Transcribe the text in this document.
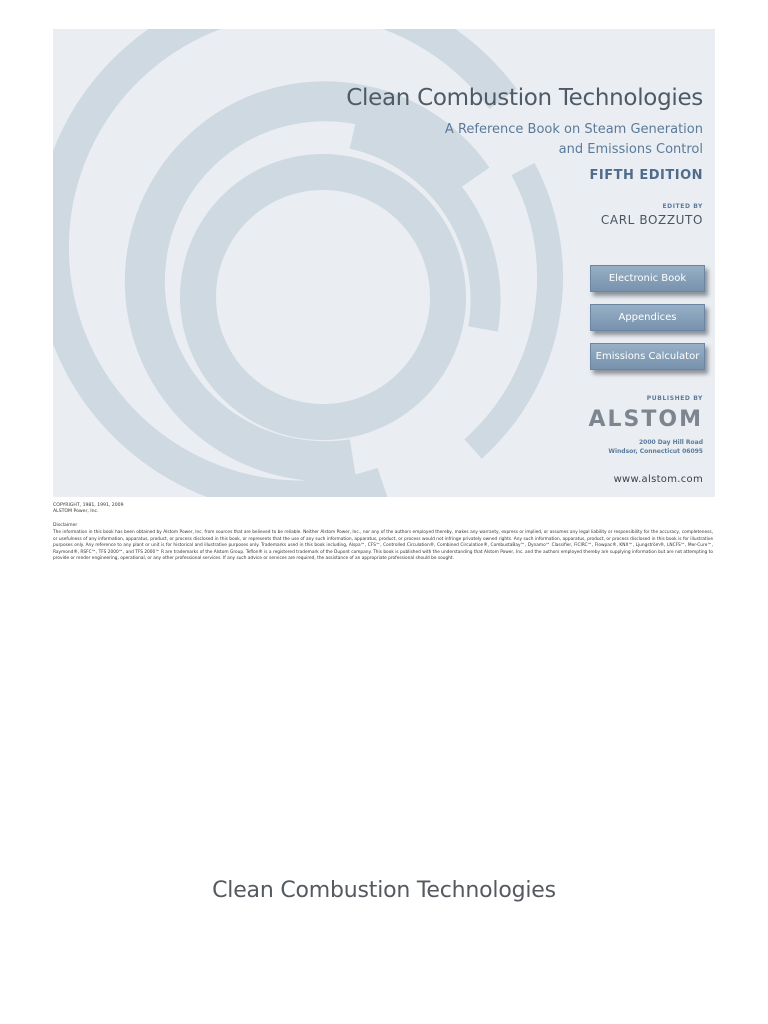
Clean Combustion Technologies
A Reference Book on Steam Generation
and Emissions Control
FIFTH EDITION
EDITED BY
CARL BOZZUTO
Electronic Book
Appendices
Emissions Calculator
PUBLISHED BY
ALSTOM
2000 Day Hill Road
Windsor, Connecticut 06095
www.alstom.com
COPYRIGHT, 1981, 1991, 2009
ALSTOM Power, Inc.
Disclaimer
The information in this book has been obtained by Alstom Power, Inc. from sources that are believed to be reliable. Neither Alstom Power, Inc., nor any of the authors employed thereby, makes any warranty, express or implied, or assumes any legal liability or responsibility for the accuracy, completeness, or usefulness of any information, apparatus, product, or process disclosed in this book, or represents that the use of any such information, apparatus, product, or process would not infringe privately owned rights. Any such information, apparatus, product, or process disclosed in this book is for illustrative purposes only. Any reference to any plant or unit is for historical and illustrative purposes only. Trademarks used in this book including, Alspa™, CFS™, Controlled Circulation®, Combined Circulation®, CombustaBay™, Dynamo™ Classifier, FiCIRC™, Flowpac®, KNX™, Ljungström®, LNCFS™, Mer-Cure™, Raymond®, RSFC™, TFS 2000™, and TFS 2000™ R are trademarks of the Alstom Group. Teflon® is a registered trademark of the Dupont company. This book is published with the understanding that Alstom Power, Inc. and the authors employed thereby are supplying information but are not attempting to provide or render engineering, operational, or any other professional services. If any such advice or services are required, the assistance of an appropriate professional should be sought.
Clean Combustion Technologies
